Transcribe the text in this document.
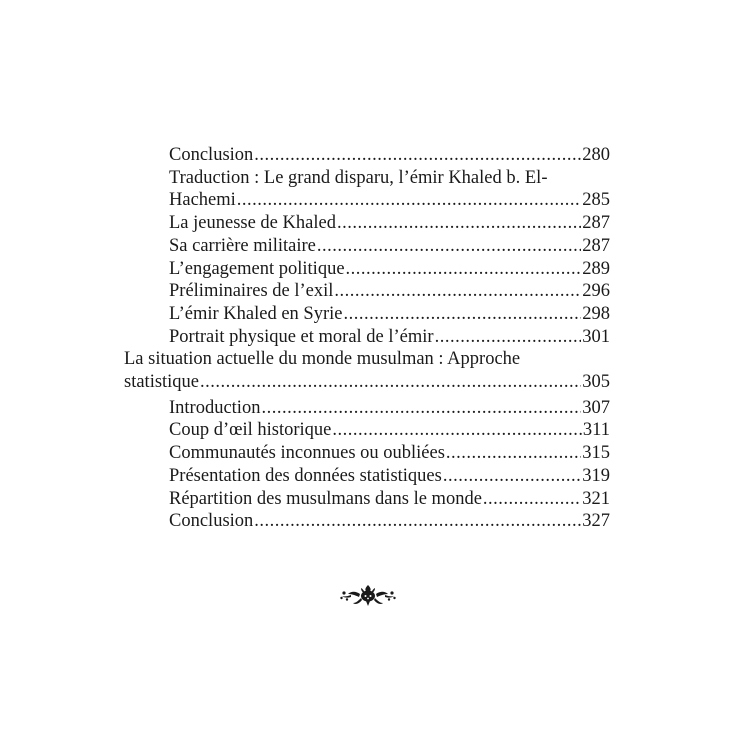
Conclusion .....	280
Traduction : Le grand disparu, l’émir Khaled b. El-
Hachemi .....	285
La jeunesse de Khaled .....	287
Sa carrière militaire .....	287
L’engagement politique .....	289
Préliminaires de l’exil .....	296
L’émir Khaled en Syrie .....	298
Portrait physique et moral de l’émir .....	301
La situation actuelle du monde musulman : Approche
statistique .....	305
Introduction .....	307
Coup d’œil historique .....	311
Communautés inconnues ou oubliées .....	315
Présentation des données statistiques .....	319
Répartition des musulmans dans le monde .....	321
Conclusion .....	327
